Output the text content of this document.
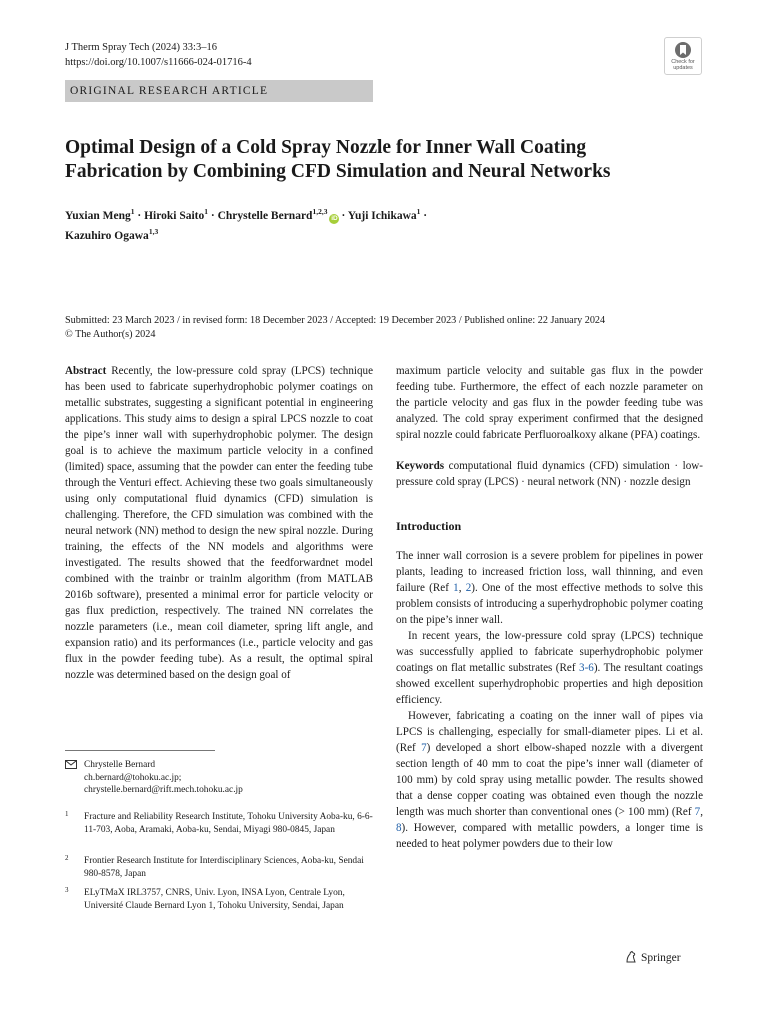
J Therm Spray Tech (2024) 33:3–16
https://doi.org/10.1007/s11666-024-01716-4	Check for
updates
ORIGINAL RESEARCH ARTICLE
Optimal Design of a Cold Spray Nozzle for Inner Wall Coating Fabrication by Combining CFD Simulation and Neural Networks
Yuxian Meng$^1$ · Hiroki Saito$^1$ · Chrystelle Bernard$^{1,2,3}$iD · Yuji Ichikawa$^1$ ·
Kazuhiro Ogawa$^{1,3}$
Submitted: 23 March 2023 / in revised form: 18 December 2023 / Accepted: 19 December 2023 / Published online: 22 January 2024
© The Author(s) 2024

Abstract Recently, the low-pressure cold spray (LPCS) technique has been used to fabricate superhydrophobic polymer coatings on metallic substrates, suggesting a significant potential in engineering applications. This study aims to design a spiral LPCS nozzle to coat the pipe’s inner wall with superhydrophobic polymer. The design goal is to achieve the maximum particle velocity in a confined (limited) space, assuming that the powder can enter the feeding tube through the Venturi effect. Achieving these two goals simultaneously using only computational fluid dynamics (CFD) simulation is challenging. Therefore, the CFD simulation was combined with the neural network (NN) method to design the new spiral nozzle. During training, the effects of the NN models and algorithms were investigated. The results showed that the feedforwardnet model combined with the trainbr or trainlm algorithm (from MATLAB 2016b software), presented a minimal error for particle velocity or gas flux prediction, respectively. The trained NN correlates the nozzle parameters (i.e., mean coil diameter, spring lift angle, and expansion ratio) and its performances (i.e., particle velocity and gas flux in the powder feeding tube). As a result, the optimal spiral nozzle was determined based on the design goal of

maximum particle velocity and suitable gas flux in the powder feeding tube. Furthermore, the effect of each nozzle parameter on the particle velocity and gas flux in the powder feeding tube was analyzed. The cold spray experiment confirmed that the designed spiral nozzle could fabricate Perfluoroalkoxy alkane (PFA) coatings.

Keywords computational fluid dynamics (CFD) simulation · low-pressure cold spray (LPCS) · neural network (NN) · nozzle design

Introduction

The inner wall corrosion is a severe problem for pipelines in power plants, leading to increased friction loss, wall thinning, and even failure (Ref 1, 2). One of the most effective methods to solve this problem consists of introducing a superhydrophobic polymer coating on the pipe’s inner wall.

In recent years, the low-pressure cold spray (LPCS) technique was successfully applied to fabricate superhydrophobic polymer coatings on flat metallic substrates (Ref 3-6). The resultant coatings showed excellent superhydrophobic properties and high deposition efficiency.

However, fabricating a coating on the inner wall of pipes via LPCS is challenging, especially for small-diameter pipes. Li et al. (Ref 7) developed a short elbow-shaped nozzle with a divergent section length of 40 mm to coat the pipe’s inner wall (diameter of 100 mm) by cold spray using metallic powder. The results showed that a dense copper coating was obtained even though the nozzle length was much shorter than conventional ones (> 100 mm) (Ref 7, 8). However, compared with metallic powders, a longer time is needed to heat polymer powders due to their low

Chrystelle Bernard
ch.bernard@tohoku.ac.jp;
chrystelle.bernard@rift.mech.tohoku.ac.jp
1 Fracture and Reliability Research Institute, Tohoku University Aoba-ku, 6-6-11-703, Aoba, Aramaki, Aoba-ku, Sendai, Miyagi 980-0845, Japan
2 Frontier Research Institute for Interdisciplinary Sciences, Aoba-ku, Sendai 980-8578, Japan
3 ELyTMaX IRL3757, CNRS, Univ. Lyon, INSA Lyon, Centrale Lyon, Université Claude Bernard Lyon 1, Tohoku University, Sendai, Japan
Springer
